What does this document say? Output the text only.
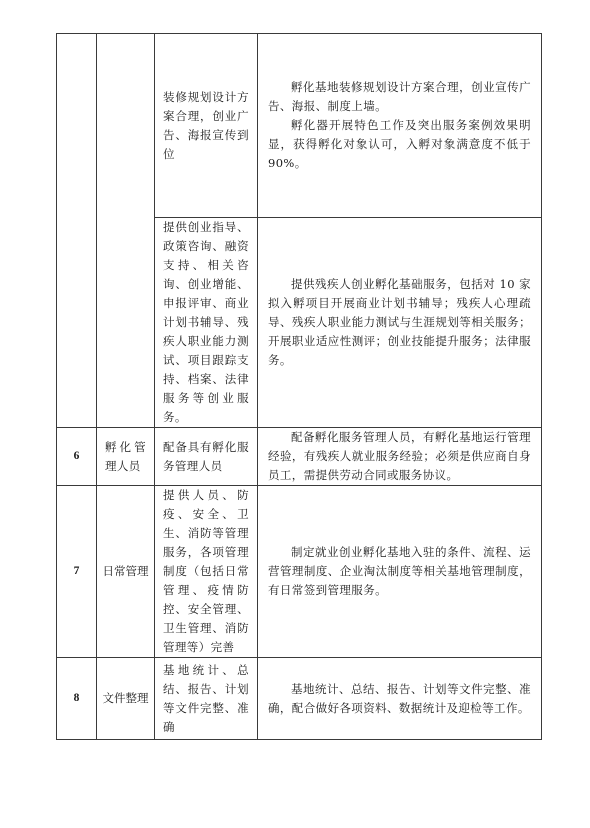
		装修规划设计方案合理，创业广告、海报宣传到位	孵化基地装修规划设计方案合理，创业宣传广告、海报、制度上墙。
孵化器开展特色工作及突出服务案例效果明显，获得孵化对象认可，入孵对象满意度不低于 90%。

		提供创业指导、政策咨询、融资支持、相关咨询、创业增能、申报评审、商业计划书辅导、残疾人职业能力测试、项目跟踪支持、档案、法律服务等创业服务。	提供残疾人创业孵化基础服务，包括对 10 家拟入孵项目开展商业计划书辅导；残疾人心理疏导、残疾人职业能力测试与生涯规划等相关服务；开展职业适应性测评；创业技能提升服务；法律服务。

6	孵化管理人员	配备具有孵化服务管理人员	配备孵化服务管理人员，有孵化基地运行管理经验，有残疾人就业服务经验；必须是供应商自身员工，需提供劳动合同或服务协议。

7	日常管理	提供人员、防疫、安全、卫生、消防等管理服务，各项管理制度（包括日常管理、疫情防控、安全管理、卫生管理、消防管理等）完善	制定就业创业孵化基地入驻的条件、流程、运营管理制度、企业淘汰制度等相关基地管理制度，有日常签到管理服务。

8	文件整理	基地统计、总结、报告、计划等文件完整、准确	基地统计、总结、报告、计划等文件完整、准确，配合做好各项资料、数据统计及迎检等工作。
